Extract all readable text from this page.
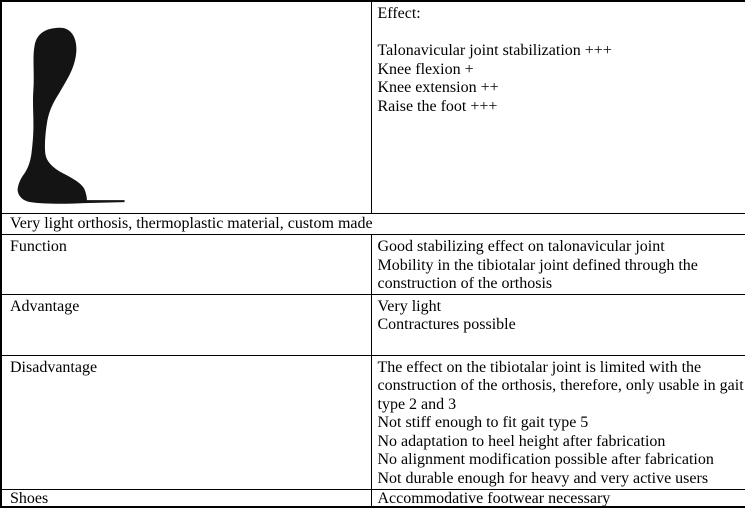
Effect:
Talonavicular joint stabilization +++
Knee flexion +
Knee extension ++
Raise the foot +++

Very light orthosis, thermoplastic material, custom made	

Function	Good stabilizing effect on talonavicular joint
Mobility in the tibiotalar joint defined through the
construction of the orthosis

Advantage	Very light
Contractures possible

Disadvantage	The effect on the tibiotalar joint is limited with the
construction of the orthosis, therefore, only usable in gait
type 2 and 3
Not stiff enough to fit gait type 5
No adaptation to heel height after fabrication
No alignment modification possible after fabrication
Not durable enough for heavy and very active users

Shoes	Accommodative footwear necessary
